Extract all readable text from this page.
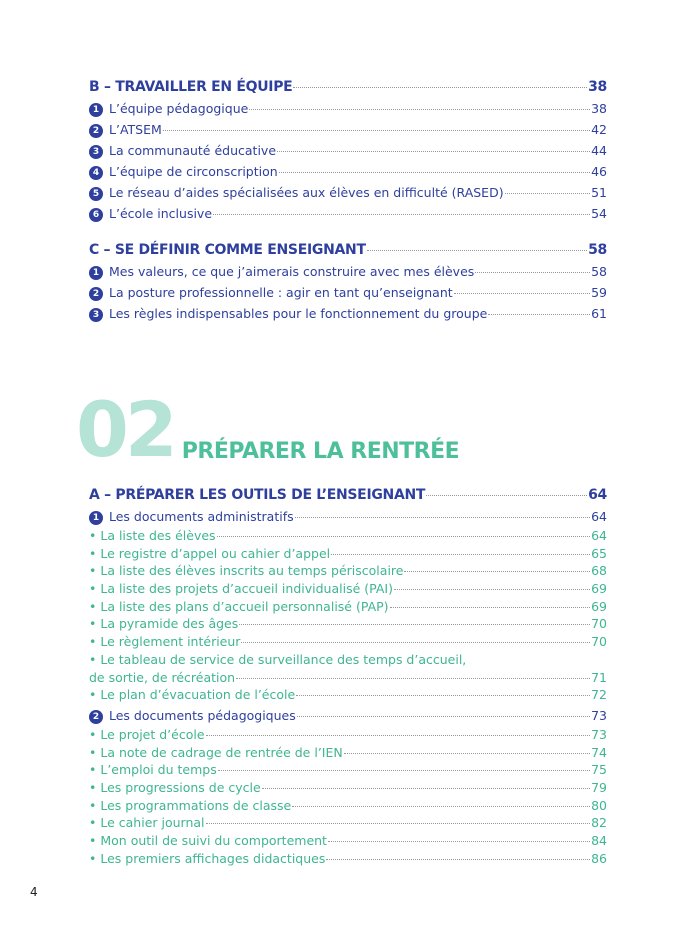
B – TRAVAILLER EN ÉQUIPE	38
1 L’équipe pédagogique	38
2 L’ATSEM	42
3 La communauté éducative	44
4 L’équipe de circonscription	46
5 Le réseau d’aides spécialisées aux élèves en difficulté (RASED)	51
6 L’école inclusive	54
C – SE DÉFINIR COMME ENSEIGNANT	58
1 Mes valeurs, ce que j’aimerais construire avec mes élèves	58
2 La posture professionnelle : agir en tant qu’enseignant	59
3 Les règles indispensables pour le fonctionnement du groupe	61
02 PRÉPARER LA RENTRÉE
A – PRÉPARER LES OUTILS DE L’ENSEIGNANT	64
1 Les documents administratifs	64
• La liste des élèves	64
• Le registre d’appel ou cahier d’appel	65
• La liste des élèves inscrits au temps périscolaire	68
• La liste des projets d’accueil individualisé (PAI)	69
• La liste des plans d’accueil personnalisé (PAP)	69
• La pyramide des âges	70
• Le règlement intérieur	70
• Le tableau de service de surveillance des temps d’accueil,
de sortie, de récréation	71
• Le plan d’évacuation de l’école	72
2 Les documents pédagogiques	73
• Le projet d’école	73
• La note de cadrage de rentrée de l’IEN	74
• L’emploi du temps	75
• Les progressions de cycle	79
• Les programmations de classe	80
• Le cahier journal	82
• Mon outil de suivi du comportement	84
• Les premiers affichages didactiques	86
4
